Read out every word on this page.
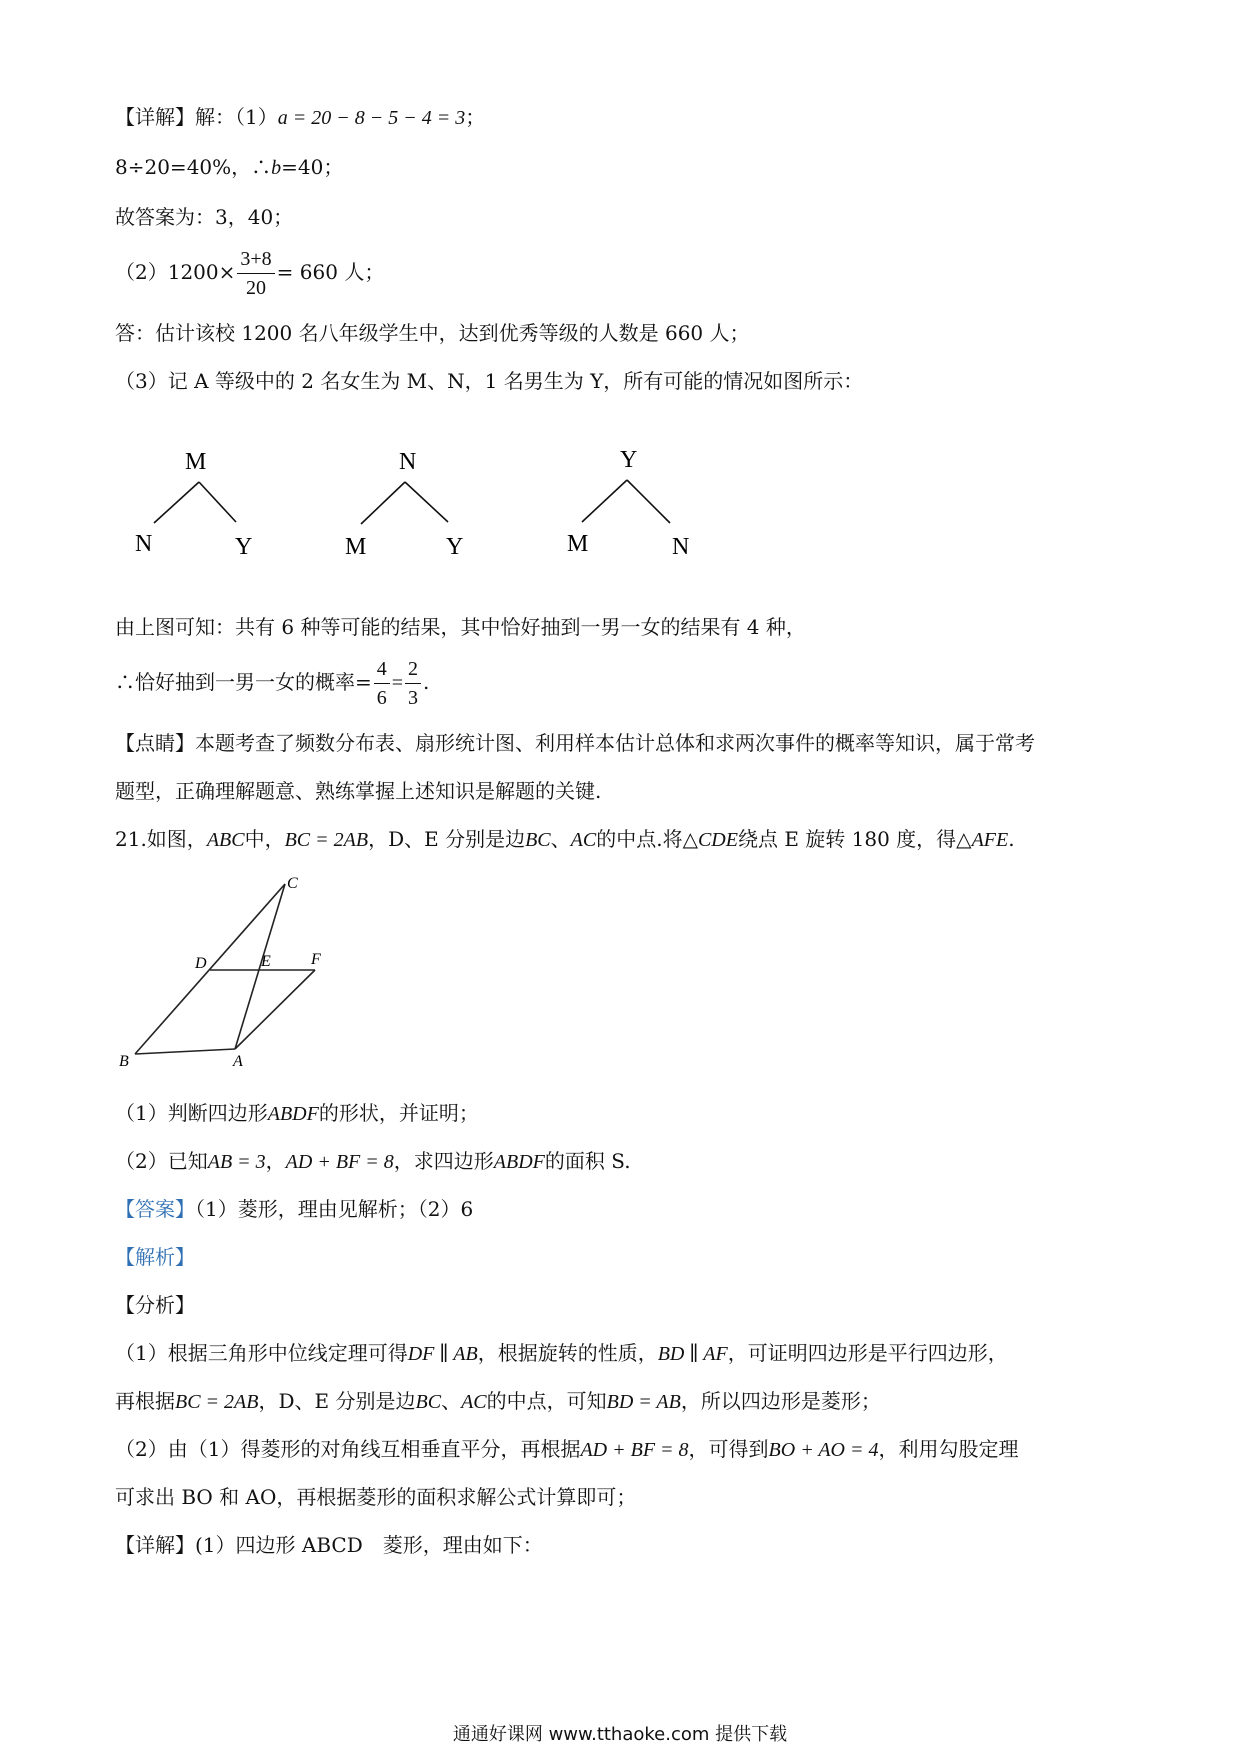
【详解】解：（1）a = 20 − 8 − 5 − 4 = 3；
8÷20=40%，∴b=40；
故答案为：3，40；
$(2)1200\times \frac{3+8}{20} = 660$ 人；
答：估计该校 1200 名八年级学生中，达到优秀等级的人数是 660 人；
（3）记 A 等级中的 2 名女生为 M、N，1 名男生为 Y，所有可能的情况如图所示：
M
N	Y
N
M	Y
Y
M	N
由上图可知：共有 6 种等可能的结果，其中恰好抽到一男一女的结果有 4 种，
∴恰好抽到一男一女的概率= $\frac{4}{6} = \frac{2}{3}$ .
【点睛】本题考查了频数分布表、扇形统计图、利用样本估计总体和求两次事件的概率等知识，属于常考
题型，正确理解题意、熟练掌握上述知识是解题的关键.
21.如图，ABC中，BC = 2AB，D、E 分别是边BC、AC的中点.将△CDE绕点 E 旋转 180 度，得△AFE.
C
D	E	F
B	A
（1）判断四边形ABDF的形状，并证明；
（2）已知AB = 3，AD + BF = 8，求四边形ABDF的面积 S.
【答案】（1）菱形，理由见解析；（2）6
【解析】
【分析】
（1）根据三角形中位线定理可得DF ∥ AB，根据旋转的性质，BD ∥ AF，可证明四边形是平行四边形，
再根据BC = 2AB，D、E 分别是边BC、AC的中点，可知BD = AB，所以四边形是菱形；
（2）由（1）得菱形的对角线互相垂直平分，再根据AD + BF = 8，可得到BO + AO = 4，利用勾股定理
可求出 BO 和 AO，再根据菱形的面积求解公式计算即可；
【详解】(1）四边形 ABCD　菱形，理由如下：
通通好课网 www.tthaoke.com 提供下载
